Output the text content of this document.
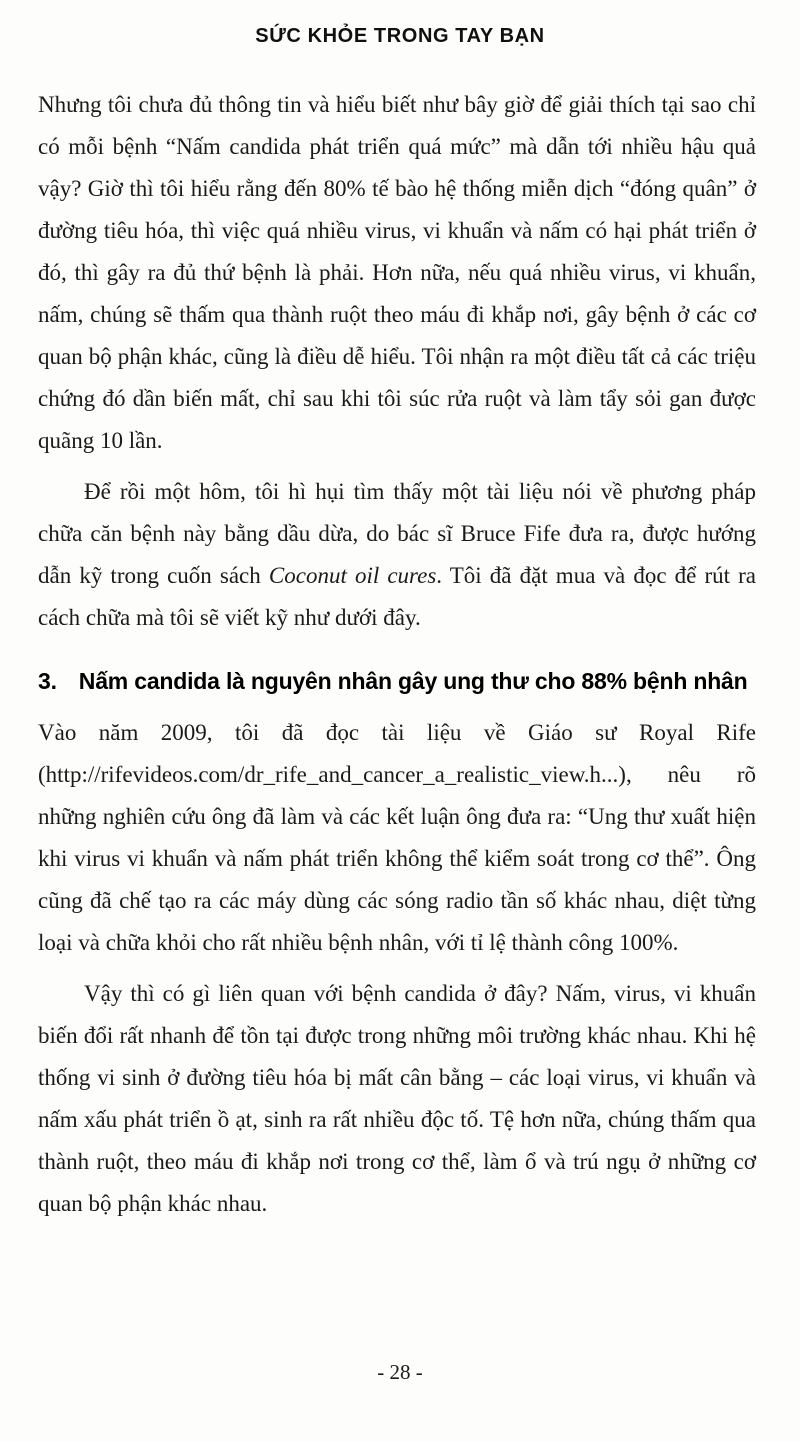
SỨC KHỎE TRONG TAY BẠN

Nhưng tôi chưa đủ thông tin và hiểu biết như bây giờ để giải thích tại sao chỉ có mỗi bệnh “Nấm candida phát triển quá mức” mà dẫn tới nhiều hậu quả vậy? Giờ thì tôi hiểu rằng đến 80% tế bào hệ thống miễn dịch “đóng quân” ở đường tiêu hóa, thì việc quá nhiều virus, vi khuẩn và nấm có hại phát triển ở đó, thì gây ra đủ thứ bệnh là phải. Hơn nữa, nếu quá nhiều virus, vi khuẩn, nấm, chúng sẽ thấm qua thành ruột theo máu đi khắp nơi, gây bệnh ở các cơ quan bộ phận khác, cũng là điều dễ hiểu. Tôi nhận ra một điều tất cả các triệu chứng đó dần biến mất, chỉ sau khi tôi súc rửa ruột và làm tẩy sỏi gan được quãng 10 lần.

Để rồi một hôm, tôi hì hụi tìm thấy một tài liệu nói về phương pháp chữa căn bệnh này bằng dầu dừa, do bác sĩ Bruce Fife đưa ra, được hướng dẫn kỹ trong cuốn sách Coconut oil cures. Tôi đã đặt mua và đọc để rút ra cách chữa mà tôi sẽ viết kỹ như dưới đây.

3. Nấm candida là nguyên nhân gây ung thư cho 88% bệnh nhân

Vào năm 2009, tôi đã đọc tài liệu về Giáo sư Royal Rife (http://rifevideos.com/dr_rife_and_cancer_a_realistic_view.h...), nêu rõ những nghiên cứu ông đã làm và các kết luận ông đưa ra: “Ung thư xuất hiện khi virus vi khuẩn và nấm phát triển không thể kiểm soát trong cơ thể”. Ông cũng đã chế tạo ra các máy dùng các sóng radio tần số khác nhau, diệt từng loại và chữa khỏi cho rất nhiều bệnh nhân, với tỉ lệ thành công 100%.

Vậy thì có gì liên quan với bệnh candida ở đây? Nấm, virus, vi khuẩn biến đổi rất nhanh để tồn tại được trong những môi trường khác nhau. Khi hệ thống vi sinh ở đường tiêu hóa bị mất cân bằng – các loại virus, vi khuẩn và nấm xấu phát triển ồ ạt, sinh ra rất nhiều độc tố. Tệ hơn nữa, chúng thấm qua thành ruột, theo máu đi khắp nơi trong cơ thể, làm ổ và trú ngụ ở những cơ quan bộ phận khác nhau.

- 28 -
